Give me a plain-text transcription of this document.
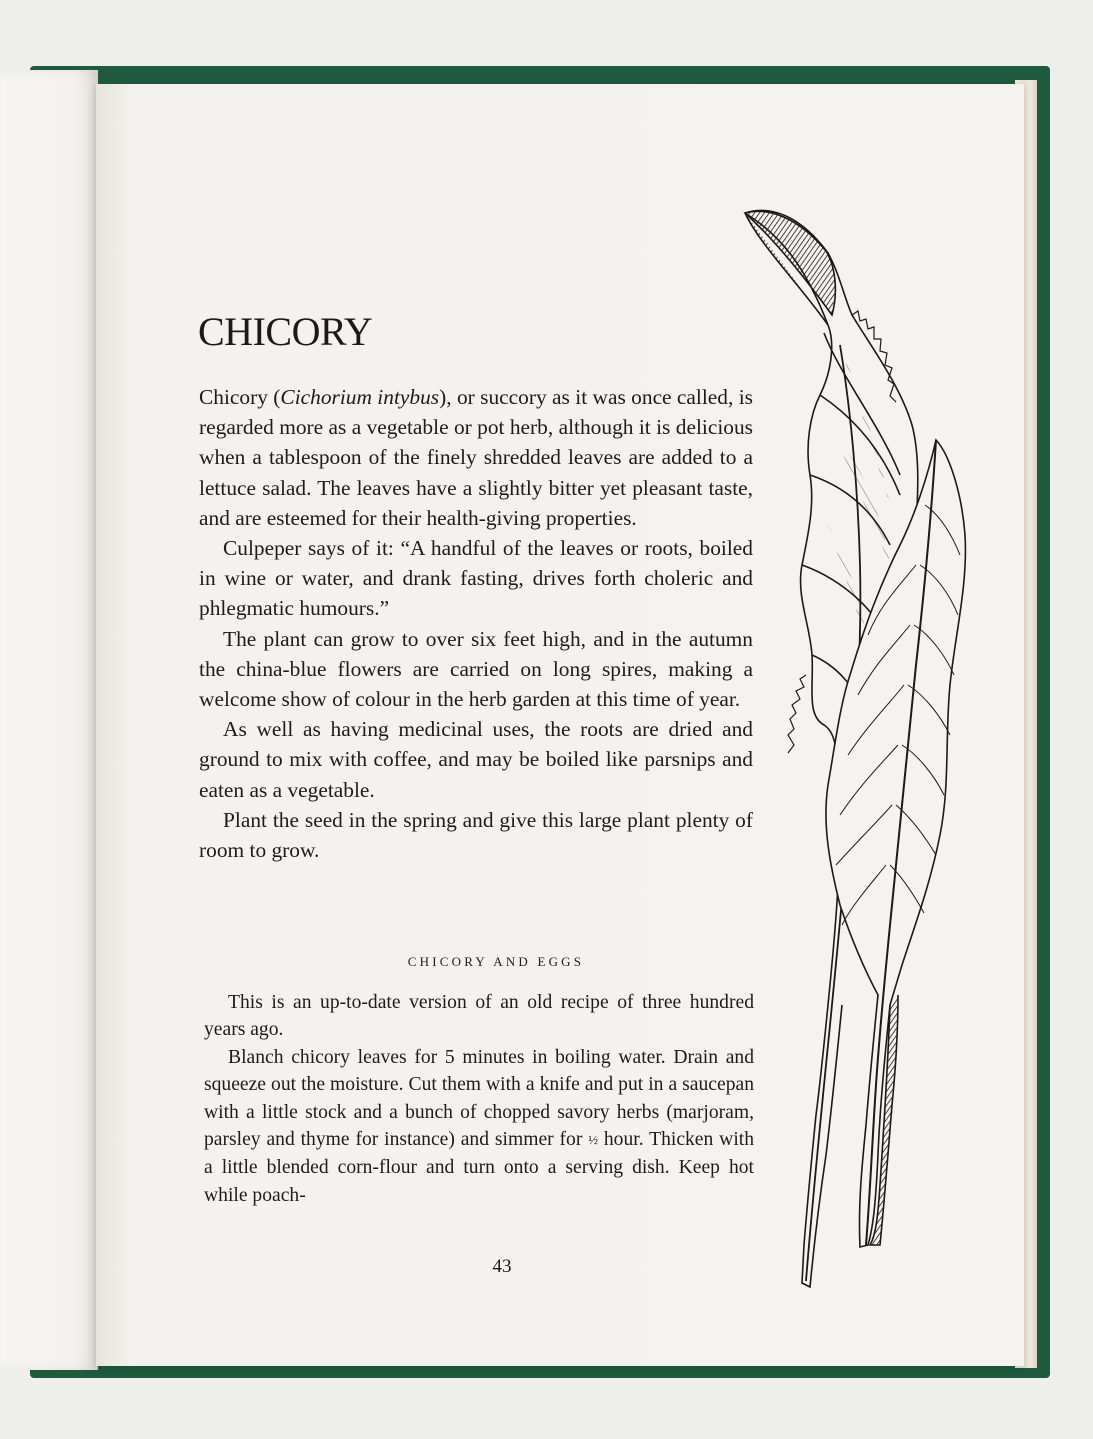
CHICORY

Chicory (Cichorium intybus), or succory as it was once called, is regarded more as a vegetable or pot herb, although it is delicious when a tablespoon of the finely shredded leaves are added to a lettuce salad. The leaves have a slightly bitter yet pleasant taste, and are esteemed for their health-giving properties.

Culpeper says of it: “A handful of the leaves or roots, boiled in wine or water, and drank fasting, drives forth choleric and phlegmatic humours.”

The plant can grow to over six feet high, and in the autumn the china-blue flowers are carried on long spires, making a welcome show of colour in the herb garden at this time of year.

As well as having medicinal uses, the roots are dried and ground to mix with coffee, and may be boiled like parsnips and eaten as a vegetable.

Plant the seed in the spring and give this large plant plenty of room to grow.

CHICORY AND EGGS

This is an up-to-date version of an old recipe of three hundred years ago.

Blanch chicory leaves for 5 minutes in boiling water. Drain and squeeze out the moisture. Cut them with a knife and put in a saucepan with a little stock and a bunch of chopped savory herbs (marjoram, parsley and thyme for instance) and simmer for ½ hour. Thicken with a little blended corn-flour and turn onto a serving dish. Keep hot while poach-

43
